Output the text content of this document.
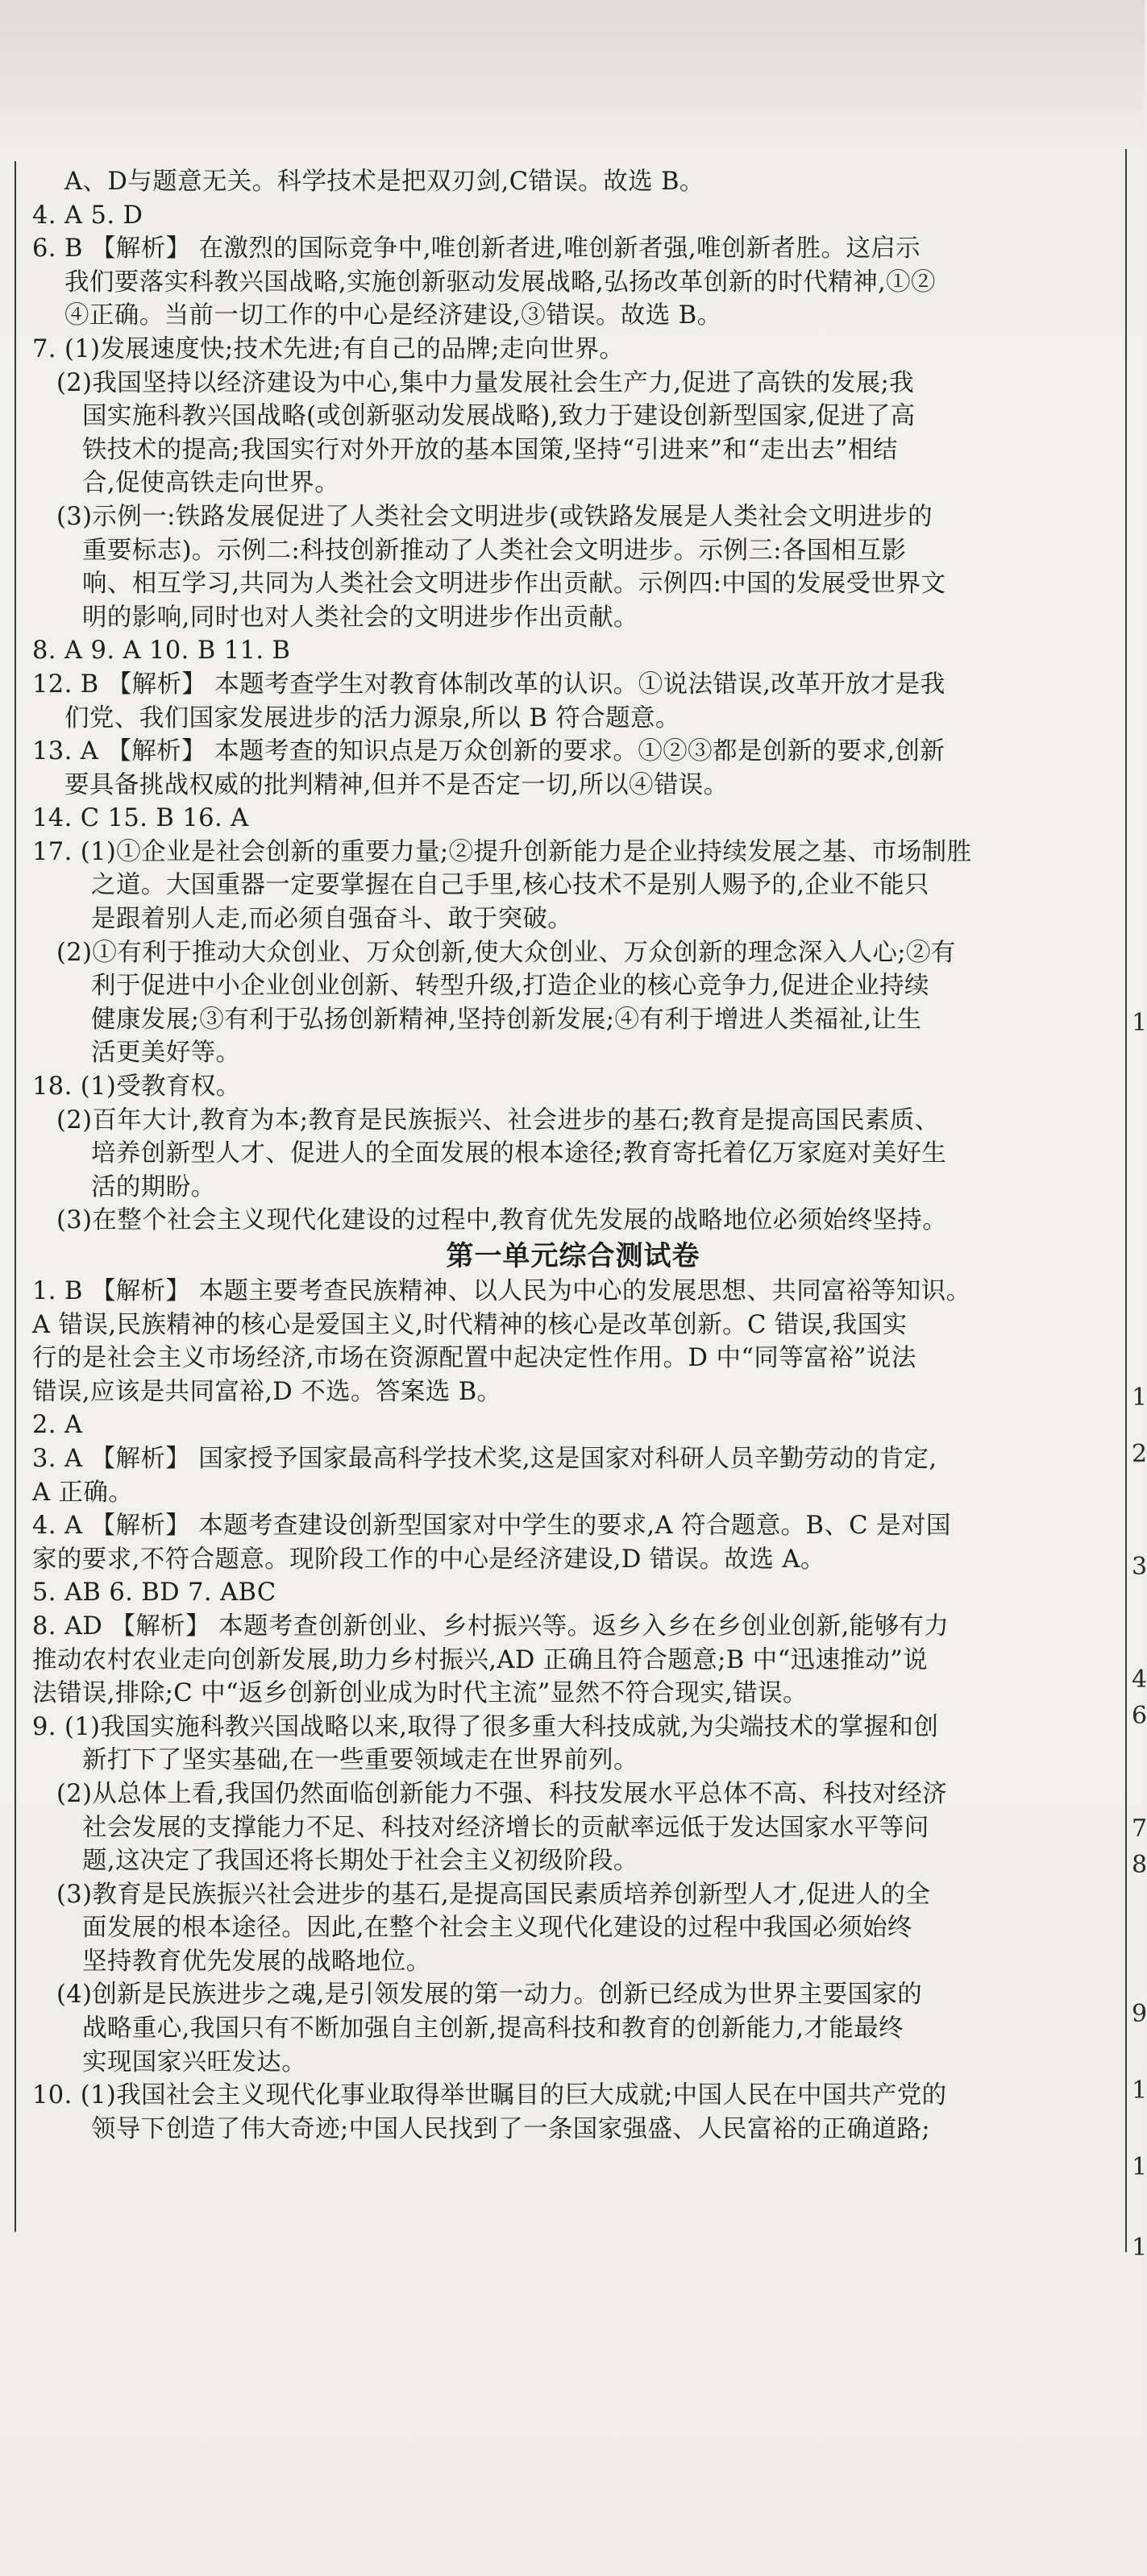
A、D与题意无关。科学技术是把双刃剑,C错误。故选 B。

4. A 5. D

6. B 【解析】 在激烈的国际竞争中,唯创新者进,唯创新者强,唯创新者胜。这启示

我们要落实科教兴国战略,实施创新驱动发展战略,弘扬改革创新的时代精神,①②

④正确。当前一切工作的中心是经济建设,③错误。故选 B。

7. (1)发展速度快;技术先进;有自己的品牌;走向世界。

(2)我国坚持以经济建设为中心,集中力量发展社会生产力,促进了高铁的发展;我

国实施科教兴国战略(或创新驱动发展战略),致力于建设创新型国家,促进了高

铁技术的提高;我国实行对外开放的基本国策,坚持“引进来”和“走出去”相结

合,促使高铁走向世界。

(3)示例一:铁路发展促进了人类社会文明进步(或铁路发展是人类社会文明进步的

重要标志)。示例二:科技创新推动了人类社会文明进步。示例三:各国相互影

响、相互学习,共同为人类社会文明进步作出贡献。示例四:中国的发展受世界文

明的影响,同时也对人类社会的文明进步作出贡献。

8. A 9. A 10. B 11. B

12. B 【解析】 本题考查学生对教育体制改革的认识。①说法错误,改革开放才是我

们党、我们国家发展进步的活力源泉,所以 B 符合题意。

13. A 【解析】 本题考查的知识点是万众创新的要求。①②③都是创新的要求,创新

要具备挑战权威的批判精神,但并不是否定一切,所以④错误。

14. C 15. B 16. A

17. (1)①企业是社会创新的重要力量;②提升创新能力是企业持续发展之基、市场制胜

之道。大国重器一定要掌握在自己手里,核心技术不是别人赐予的,企业不能只

是跟着别人走,而必须自强奋斗、敢于突破。

(2)①有利于推动大众创业、万众创新,使大众创业、万众创新的理念深入人心;②有

利于促进中小企业创业创新、转型升级,打造企业的核心竞争力,促进企业持续

健康发展;③有利于弘扬创新精神,坚持创新发展;④有利于增进人类福祉,让生

活更美好等。

18. (1)受教育权。

(2)百年大计,教育为本;教育是民族振兴、社会进步的基石;教育是提高国民素质、

培养创新型人才、促进人的全面发展的根本途径;教育寄托着亿万家庭对美好生

活的期盼。

(3)在整个社会主义现代化建设的过程中,教育优先发展的战略地位必须始终坚持。

第一单元综合测试卷

1. B 【解析】 本题主要考查民族精神、以人民为中心的发展思想、共同富裕等知识。

A 错误,民族精神的核心是爱国主义,时代精神的核心是改革创新。C 错误,我国实

行的是社会主义市场经济,市场在资源配置中起决定性作用。D 中“同等富裕”说法

错误,应该是共同富裕,D 不选。答案选 B。

2. A

3. A 【解析】 国家授予国家最高科学技术奖,这是国家对科研人员辛勤劳动的肯定,

A 正确。

4. A 【解析】 本题考查建设创新型国家对中学生的要求,A 符合题意。B、C 是对国

家的要求,不符合题意。现阶段工作的中心是经济建设,D 错误。故选 A。

5. AB 6. BD 7. ABC

8. AD 【解析】 本题考查创新创业、乡村振兴等。返乡入乡在乡创业创新,能够有力

推动农村农业走向创新发展,助力乡村振兴,AD 正确且符合题意;B 中“迅速推动”说

法错误,排除;C 中“返乡创新创业成为时代主流”显然不符合现实,错误。

9. (1)我国实施科教兴国战略以来,取得了很多重大科技成就,为尖端技术的掌握和创

新打下了坚实基础,在一些重要领域走在世界前列。

(2)从总体上看,我国仍然面临创新能力不强、科技发展水平总体不高、科技对经济

社会发展的支撑能力不足、科技对经济增长的贡献率远低于发达国家水平等问

题,这决定了我国还将长期处于社会主义初级阶段。

(3)教育是民族振兴社会进步的基石,是提高国民素质培养创新型人才,促进人的全

面发展的根本途径。因此,在整个社会主义现代化建设的过程中我国必须始终

坚持教育优先发展的战略地位。

(4)创新是民族进步之魂,是引领发展的第一动力。创新已经成为世界主要国家的

战略重心,我国只有不断加强自主创新,提高科技和教育的创新能力,才能最终

实现国家兴旺发达。

10. (1)我国社会主义现代化事业取得举世瞩目的巨大成就;中国人民在中国共产党的

领导下创造了伟大奇迹;中国人民找到了一条国家强盛、人民富裕的正确道路;

1
1
2
3
4
6
7
8
9
1
1
1
